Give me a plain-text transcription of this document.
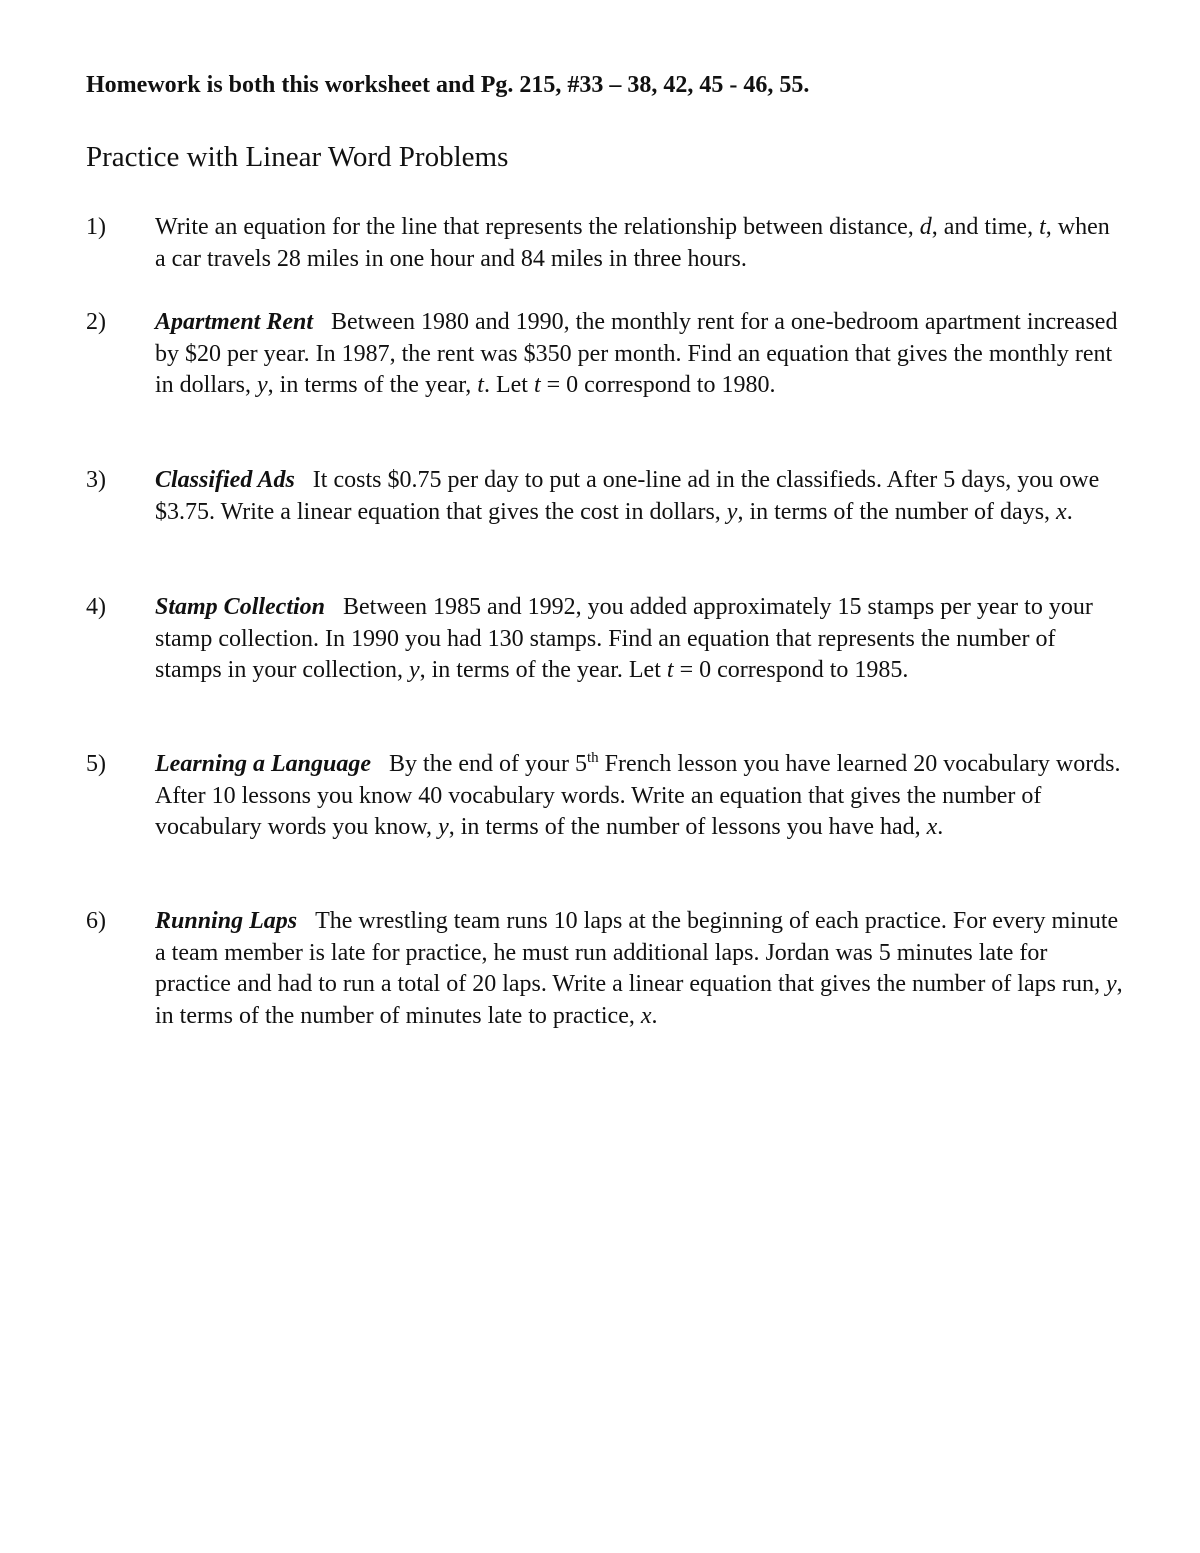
Homework is both this worksheet and Pg. 215, #33 – 38, 42, 45 - 46, 55.
Practice with Linear Word Problems
1) Write an equation for the line that represents the relationship between distance, d, and time, t, when a car travels 28 miles in one hour and 84 miles in three hours.
2) Apartment Rent Between 1980 and 1990, the monthly rent for a one-bedroom apartment increased by $20 per year. In 1987, the rent was $350 per month. Find an equation that gives the monthly rent in dollars, y, in terms of the year, t. Let t = 0 correspond to 1980.
3) Classified Ads It costs $0.75 per day to put a one-line ad in the classifieds. After 5 days, you owe $3.75. Write a linear equation that gives the cost in dollars, y, in terms of the number of days, x.
4) Stamp Collection Between 1985 and 1992, you added approximately 15 stamps per year to your stamp collection. In 1990 you had 130 stamps. Find an equation that represents the number of stamps in your collection, y, in terms of the year. Let t = 0 correspond to 1985.
5) Learning a Language By the end of your 5th French lesson you have learned 20 vocabulary words. After 10 lessons you know 40 vocabulary words. Write an equation that gives the number of vocabulary words you know, y, in terms of the number of lessons you have had, x.
6) Running Laps The wrestling team runs 10 laps at the beginning of each practice. For every minute a team member is late for practice, he must run additional laps. Jordan was 5 minutes late for practice and had to run a total of 20 laps. Write a linear equation that gives the number of laps run, y, in terms of the number of minutes late to practice, x.
